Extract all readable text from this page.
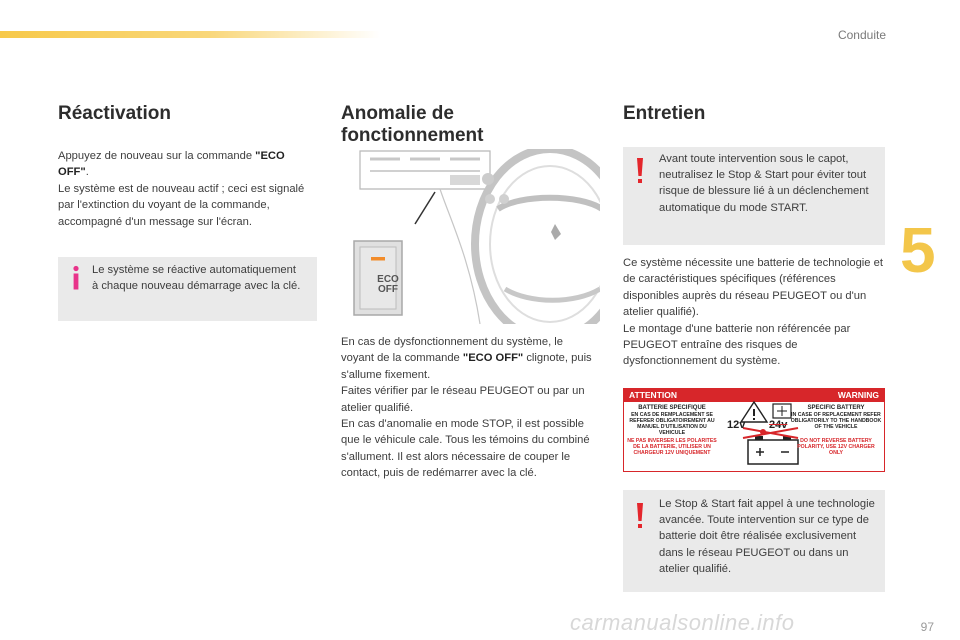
Conduite
5
Réactivation

Appuyez de nouveau sur la commande "ECO OFF".

Le système est de nouveau actif ; ceci est signalé par l'extinction du voyant de la commande, accompagné d'un message sur l'écran.

Le système se réactive automatiquement à chaque nouveau démarrage avec la clé.
Anomalie de
fonctionnement
ECO
OFF

En cas de dysfonctionnement du système, le voyant de la commande "ECO OFF" clignote, puis s'allume fixement.

Faites vérifier par le réseau PEUGEOT ou par un atelier qualifié.

En cas d'anomalie en mode STOP, il est possible que le véhicule cale. Tous les témoins du combiné s'allument. Il est alors nécessaire de couper le contact, puis de redémarrer avec la clé.

Entretien
Avant toute intervention sous le capot, neutralisez le Stop & Start pour éviter tout risque de blessure lié à un déclenchement automatique du mode START.

Ce système nécessite une batterie de technologie et de caractéristiques spécifiques (références disponibles auprès du réseau PEUGEOT ou d'un atelier qualifié).

Le montage d'une batterie non référencée par PEUGEOT entraîne des risques de dysfonctionnement du système.

ATTENTION	WARNING
BATTERIE SPECIFIQUE
EN CAS DE REMPLACEMENT SE REFERER OBLIGATOIREMENT AU MANUEL D'UTILISATION DU VEHICULE
NE PAS INVERSER LES POLARITES DE LA BATTERIE, UTILISER UN CHARGEUR 12V UNIQUEMENT
SPECIFIC BATTERY
IN CASE OF REPLACEMENT REFER OBLIGATORILY TO THE HANDBOOK OF THE VEHICLE
DO NOT REVERSE BATTERY POLARITY, USE 12V CHARGER ONLY
12v 24v
Le Stop & Start fait appel à une technologie avancée. Toute intervention sur ce type de batterie doit être réalisée exclusivement dans le réseau PEUGEOT ou dans un atelier qualifié.
97
carmanualsonline.info
